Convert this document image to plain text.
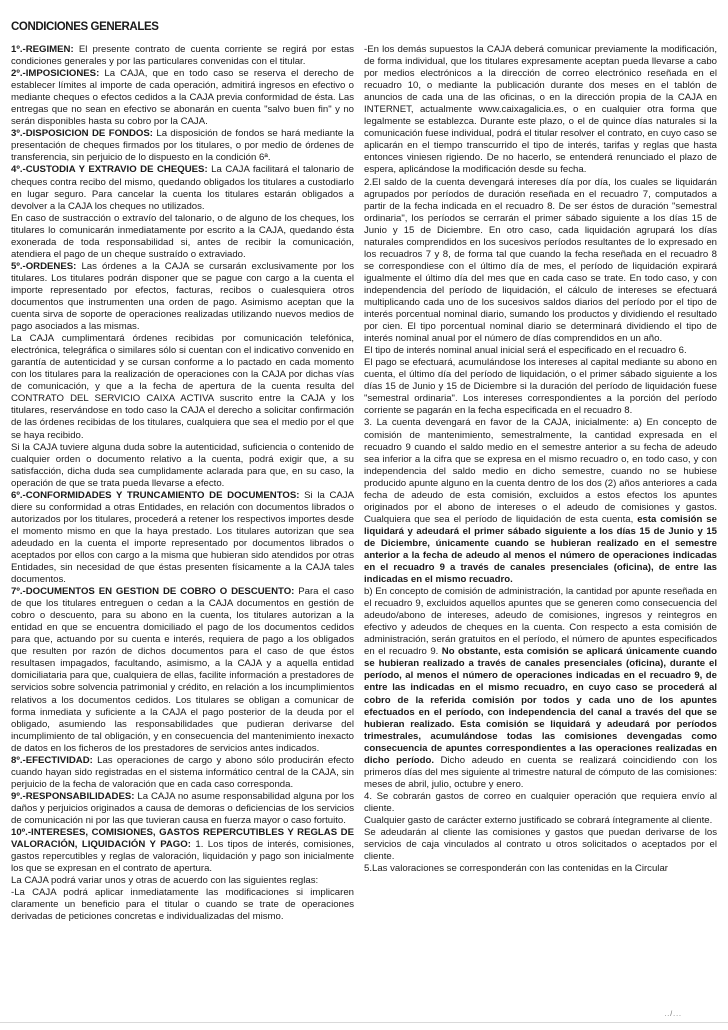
CONDICIONES GENERALES

1º.-REGIMEN: El presente contrato de cuenta corriente se regirá por estas condiciones generales y por las particulares convenidas con el titular.

2º.-IMPOSICIONES: La CAJA, que en todo caso se reserva el derecho de establecer límites al importe de cada operación, admitirá ingresos en efectivo o mediante cheques o efectos cedidos a la CAJA previa conformidad de ésta. Las entregas que no sean en efectivo se abonarán en cuenta "salvo buen fin" y no serán disponibles hasta su cobro por la CAJA.

3º.-DISPOSICION DE FONDOS: La disposición de fondos se hará mediante la presentación de cheques firmados por los titulares, o por medio de órdenes de transferencia, sin perjuicio de lo dispuesto en la condición 6ª.

4º.-CUSTODIA Y EXTRAVIO DE CHEQUES: La CAJA facilitará el talonario de cheques contra recibo del mismo, quedando obligados los titulares a custodiarlo en lugar seguro. Para cancelar la cuenta los titulares estarán obligados a devolver a la CAJA los cheques no utilizados.

En caso de sustracción o extravío del talonario, o de alguno de los cheques, los titulares lo comunicarán inmediatamente por escrito a la CAJA, quedando ésta exonerada de toda responsabilidad si, antes de recibir la comunicación, atendiera el pago de un cheque sustraído o extraviado.

5º.-ORDENES: Las órdenes a la CAJA se cursarán exclusivamente por los titulares. Los titulares podrán disponer que se pague con cargo a la cuenta el importe representado por efectos, facturas, recibos o cualesquiera otros documentos que instrumenten una orden de pago. Asimismo aceptan que la cuenta sirva de soporte de operaciones realizadas utilizando nuevos medios de pago asociados a las mismas.

La CAJA cumplimentará órdenes recibidas por comunicación telefónica, electrónica, telegráfica o similares sólo si cuentan con el indicativo convenido en garantía de autenticidad y se cursan conforme a lo pactado en cada momento con los titulares para la realización de operaciones con la CAJA por dichas vías de comunicación, y que a la fecha de apertura de la cuenta resulta del CONTRATO DEL SERVICIO CAIXA ACTIVA suscrito entre la CAJA y los titulares, reservándose en todo caso la CAJA el derecho a solicitar confirmación de las órdenes recibidas de los titulares, cualquiera que sea el medio por el que se haya recibido.

Si la CAJA tuviere alguna duda sobre la autenticidad, suficiencia o contenido de cualquier orden o documento relativo a la cuenta, podrá exigir que, a su satisfacción, dicha duda sea cumplidamente aclarada para que, en su caso, la operación de que se trata pueda llevarse a efecto.

6º.-CONFORMIDADES Y TRUNCAMIENTO DE DOCUMENTOS: Si la CAJA diere su conformidad a otras Entidades, en relación con documentos librados o autorizados por los titulares, procederá a retener los respectivos importes desde el momento mismo en que la haya prestado. Los titulares autorizan que sea adeudado en la cuenta el importe representado por documentos librados o aceptados por ellos con cargo a la misma que hubieran sido atendidos por otras Entidades, sin necesidad de que éstas presenten físicamente a la CAJA tales documentos.

7º.-DOCUMENTOS EN GESTION DE COBRO O DESCUENTO: Para el caso de que los titulares entreguen o cedan a la CAJA documentos en gestión de cobro o descuento, para su abono en la cuenta, los titulares autorizan a la entidad en que se encuentra domiciliado el pago de los documentos cedidos para que, actuando por su cuenta e interés, requiera de pago a los obligados que resulten por razón de dichos documentos para el caso de que éstos resultasen impagados, facultando, asimismo, a la CAJA y a aquella entidad domiciliataria para que, cualquiera de ellas, facilite información a prestadores de servicios sobre solvencia patrimonial y crédito, en relación a los incumplimientos relativos a los documentos cedidos. Los titulares se obligan a comunicar de forma inmediata y suficiente a la CAJA el pago posterior de la deuda por el obligado, asumiendo las responsabilidades que pudieran derivarse del incumplimiento de tal obligación, y en consecuencia del mantenimiento inexacto de datos en los ficheros de los prestadores de servicios antes indicados.

8º.-EFECTIVIDAD: Las operaciones de cargo y abono sólo producirán efecto cuando hayan sido registradas en el sistema informático central de la CAJA, sin perjuicio de la fecha de valoración que en cada caso corresponda.

9º.-RESPONSABILIDADES: La CAJA no asume responsabilidad alguna por los daños y perjuicios originados a causa de demoras o deficiencias de los servicios de comunicación ni por las que tuvieran causa en fuerza mayor o caso fortuito.

10º.-INTERESES, COMISIONES, GASTOS REPERCUTIBLES Y REGLAS DE VALORACIÓN, LIQUIDACIÓN Y PAGO: 1. Los tipos de interés, comisiones, gastos repercutibles y reglas de valoración, liquidación y pago son inicialmente los que se expresan en el contrato de apertura.

La CAJA podrá variar unos y otras de acuerdo con las siguientes reglas:

-La CAJA podrá aplicar inmediatamente las modificaciones si implicaren claramente un beneficio para el titular o cuando se trate de operaciones derivadas de peticiones concretas e individualizadas del mismo.

-En los demás supuestos la CAJA deberá comunicar previamente la modificación, de forma individual, que los titulares expresamente aceptan pueda llevarse a cabo por medios electrónicos a la dirección de correo electrónico reseñada en el recuadro 10, o mediante la publicación durante dos meses en el tablón de anuncios de cada una de las oficinas, o en la dirección propia de la CAJA en INTERNET, actualmente www.caixagalicia.es, o en cualquier otra forma que legalmente se establezca. Durante este plazo, o el de quince días naturales si la comunicación fuese individual, podrá el titular resolver el contrato, en cuyo caso se aplicarán en el tiempo transcurrido el tipo de interés, tarifas y reglas que hasta entonces viniesen rigiendo. De no hacerlo, se entenderá renunciado el plazo de espera, aplicándose la modificación desde su fecha.

2.El saldo de la cuenta devengará intereses día por día, los cuales se liquidarán agrupados por períodos de duración reseñada en el recuadro 7, computados a partir de la fecha indicada en el recuadro 8. De ser éstos de duración "semestral ordinaria", los períodos se cerrarán el primer sábado siguiente a los días 15 de Junio y 15 de Diciembre. En otro caso, cada liquidación agrupará los días naturales comprendidos en los sucesivos períodos resultantes de lo expresado en los recuadros 7 y 8, de forma tal que cuando la fecha reseñada en el recuadro 8 se correspondiese con el último día de mes, el período de liquidación expirará igualmente el último día del mes que en cada caso se trate. En todo caso, y con independencia del período de liquidación, el cálculo de intereses se efectuará multiplicando cada uno de los sucesivos saldos diarios del período por el tipo de interés porcentual nominal diario, sumando los productos y dividiendo el resultado por cien. El tipo porcentual nominal diario se determinará dividiendo el tipo de interés nominal anual por el número de días comprendidos en un año.

El tipo de interés nominal anual inicial será el especificado en el recuadro 6.

El pago se efectuará, acumulándose los intereses al capital mediante su abono en cuenta, el último día del período de liquidación, o el primer sábado siguiente a los días 15 de Junio y 15 de Diciembre si la duración del período de liquidación fuese "semestral ordinaria". Los intereses correspondientes a la porción del período corriente se pagarán en la fecha especificada en el recuadro 8.

3. La cuenta devengará en favor de la CAJA, inicialmente: a) En concepto de comisión de mantenimiento, semestralmente, la cantidad expresada en el recuadro 9 cuando el saldo medio en el semestre anterior a su fecha de adeudo sea inferior a la cifra que se expresa en el mismo recuadro o, en todo caso, y con independencia del saldo medio en dicho semestre, cuando no se hubiese producido apunte alguno en la cuenta dentro de los dos (2) años anteriores a cada fecha de adeudo de esta comisión, excluidos a estos efectos los apuntes originados por el abono de intereses o el adeudo de comisiones y gastos. Cualquiera que sea el período de liquidación de esta cuenta, esta comisión se liquidará y adeudará el primer sábado siguiente a los días 15 de Junio y 15 de Diciembre, únicamente cuando se hubieran realizado en el semestre anterior a la fecha de adeudo al menos el número de operaciones indicadas en el recuadro 9 a través de canales presenciales (oficina), de entre las indicadas en el mismo recuadro.

b) En concepto de comisión de administración, la cantidad por apunte reseñada en el recuadro 9, excluidos aquellos apuntes que se generen como consecuencia del adeudo/abono de intereses, adeudo de comisiones, ingresos y reintegros en efectivo y adeudos de cheques en la cuenta. Con respecto a esta comisión de administración, serán gratuitos en el período, el número de apuntes especificados en el recuadro 9. No obstante, esta comisión se aplicará únicamente cuando se hubieran realizado a través de canales presenciales (oficina), durante el período, al menos el número de operaciones indicadas en el recuadro 9, de entre las indicadas en el mismo recuadro, en cuyo caso se procederá al cobro de la referida comisión por todos y cada uno de los apuntes efectuados en el período, con independencia del canal a través del que se hubieran realizado. Esta comisión se liquidará y adeudará por períodos trimestrales, acumulándose todas las comisiones devengadas como consecuencia de apuntes correspondientes a las operaciones realizadas en dicho período. Dicho adeudo en cuenta se realizará coincidiendo con los primeros días del mes siguiente al trimestre natural de cómputo de las comisiones: meses de abril, julio, octubre y enero.

4. Se cobrarán gastos de correo en cualquier operación que requiera envío al cliente.

Cualquier gasto de carácter externo justificado se cobrará íntegramente al cliente.

Se adeudarán al cliente las comisiones y gastos que puedan derivarse de los servicios de caja vinculados al contrato u otros solicitados o aceptados por el cliente.

5.Las valoraciones se corresponderán con las contenidas en la Circular

../...
